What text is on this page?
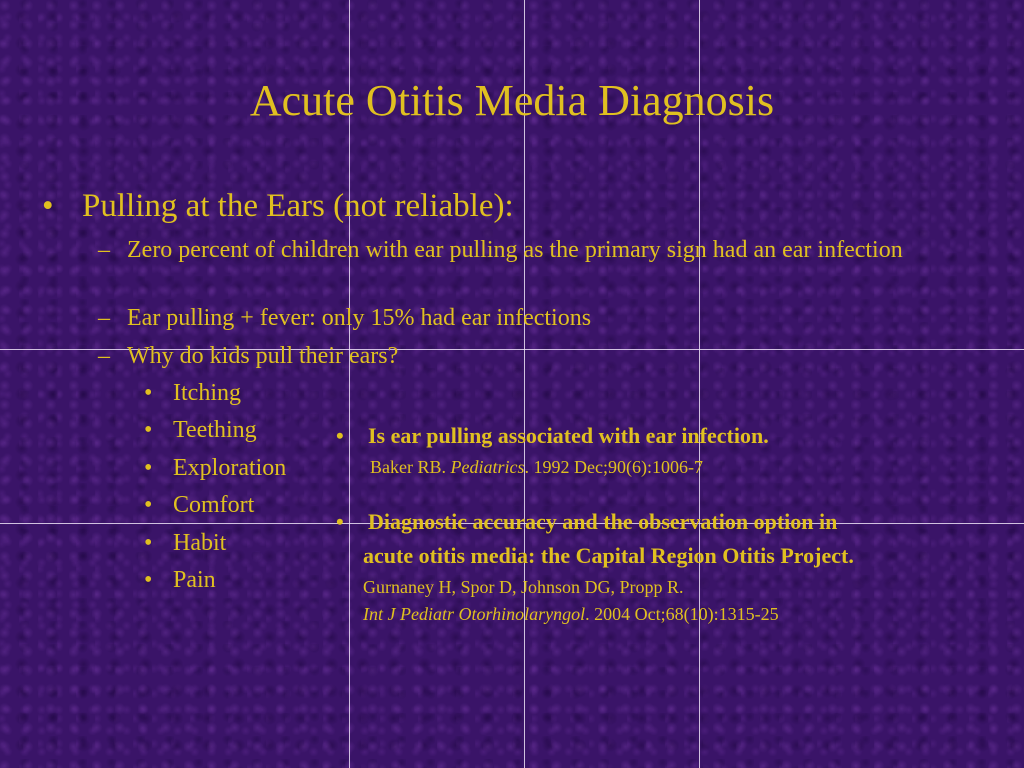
Acute Otitis Media Diagnosis
• Pulling at the Ears (not reliable):
– Zero percent of children with ear pulling as the primary sign had an ear infection
– Ear pulling + fever: only 15% had ear infections
– Why do kids pull their ears?
• Itching
• Teething
• Exploration
• Comfort
• Habit
• Pain
• Is ear pulling associated with ear infection.
Baker RB. Pediatrics. 1992 Dec;90(6):1006-7
• Diagnostic accuracy and the observation option in
acute otitis media: the Capital Region Otitis Project.
Gurnaney H, Spor D, Johnson DG, Propp R.
Int J Pediatr Otorhinolaryngol. 2004 Oct;68(10):1315-25
